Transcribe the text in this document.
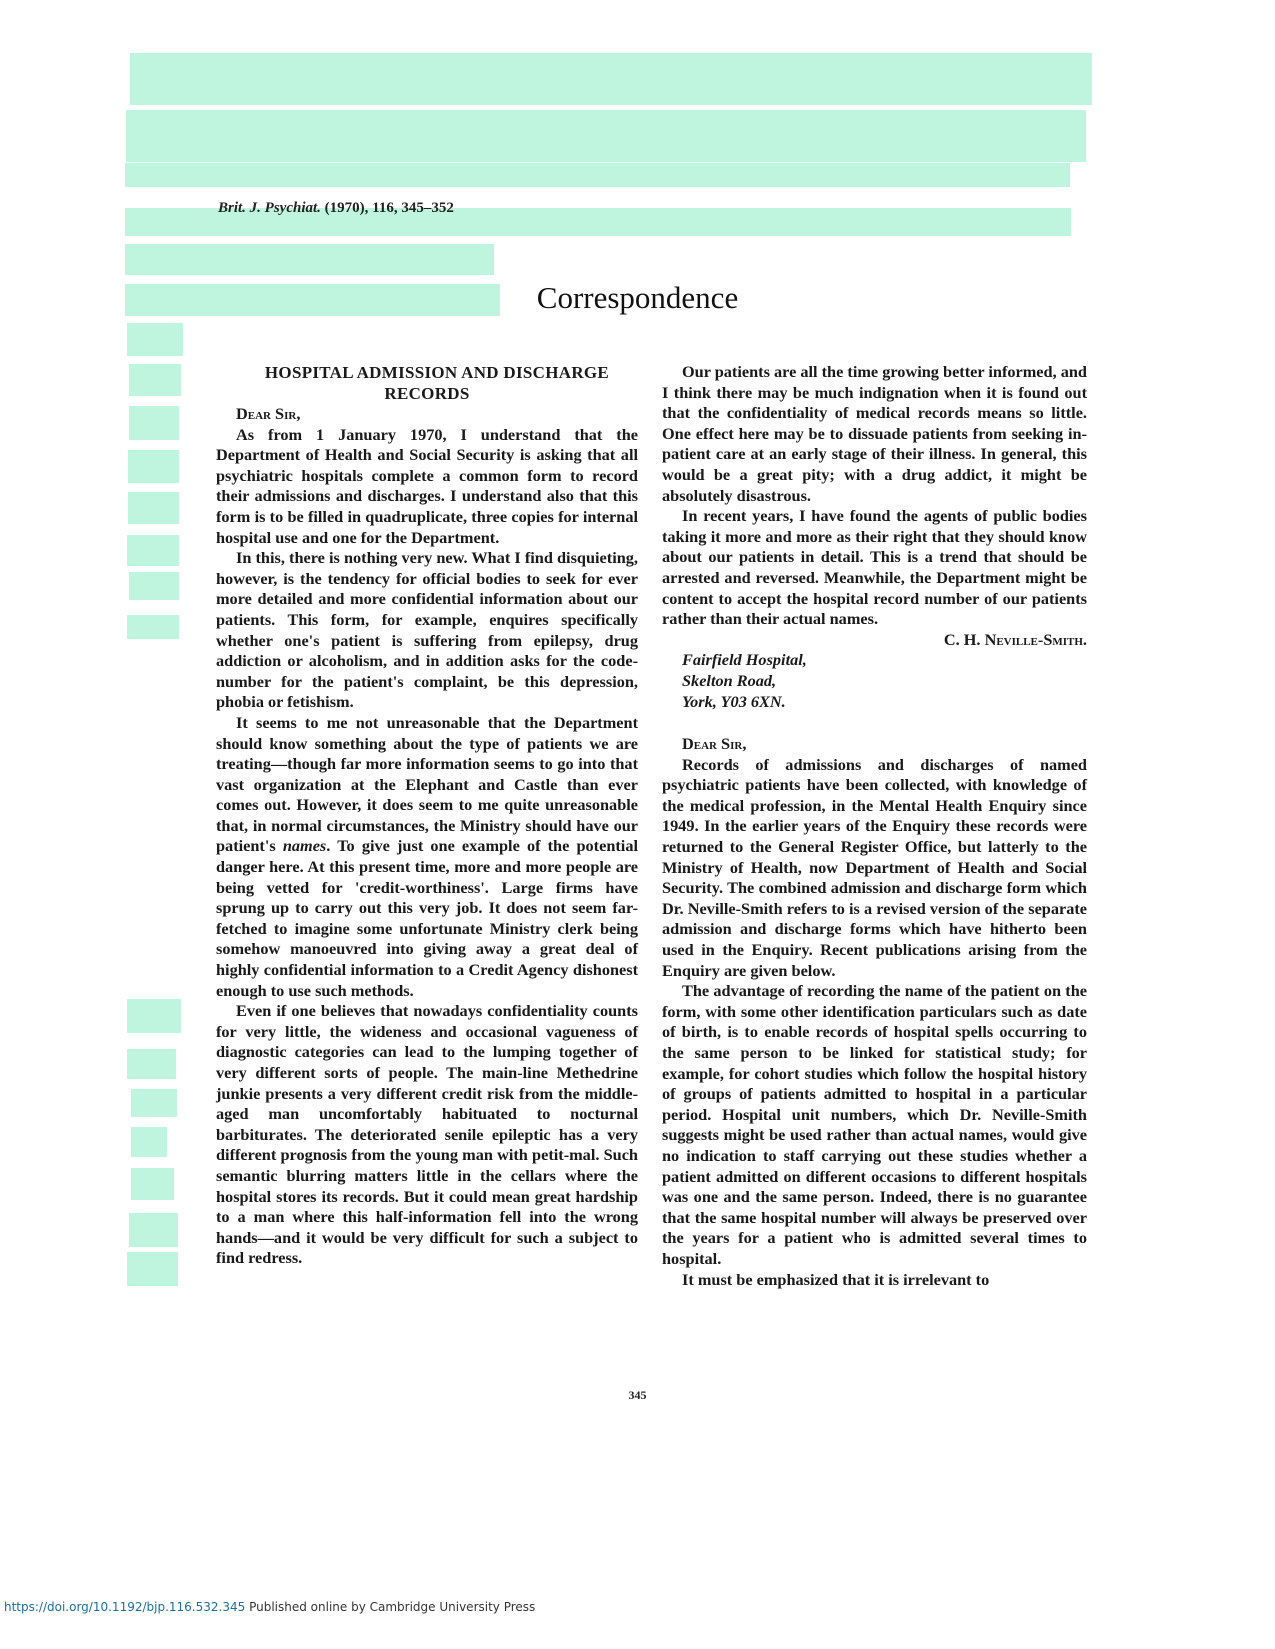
Brit. J. Psychiat. (1970), 116, 345–352
Correspondence

HOSPITAL ADMISSION AND DISCHARGE RECORDS

Dear Sir,

As from 1 January 1970, I understand that the Department of Health and Social Security is asking that all psychiatric hospitals complete a common form to record their admissions and discharges. I understand also that this form is to be filled in quadruplicate, three copies for internal hospital use and one for the Department.

In this, there is nothing very new. What I find disquieting, however, is the tendency for official bodies to seek for ever more detailed and more confidential information about our patients. This form, for example, enquires specifically whether one's patient is suffering from epilepsy, drug addiction or alcoholism, and in addition asks for the code-number for the patient's complaint, be this depression, phobia or fetishism.

It seems to me not unreasonable that the Department should know something about the type of patients we are treating—though far more information seems to go into that vast organization at the Elephant and Castle than ever comes out. However, it does seem to me quite unreasonable that, in normal circumstances, the Ministry should have our patient's names. To give just one example of the potential danger here. At this present time, more and more people are being vetted for 'credit-worthiness'. Large firms have sprung up to carry out this very job. It does not seem far-fetched to imagine some unfortunate Ministry clerk being somehow manoeuvred into giving away a great deal of highly confidential information to a Credit Agency dishonest enough to use such methods.

Even if one believes that nowadays confidentiality counts for very little, the wideness and occasional vagueness of diagnostic categories can lead to the lumping together of very different sorts of people. The main-line Methedrine junkie presents a very different credit risk from the middle-aged man uncomfortably habituated to nocturnal barbiturates. The deteriorated senile epileptic has a very different prognosis from the young man with petit-mal. Such semantic blurring matters little in the cellars where the hospital stores its records. But it could mean great hardship to a man where this half-information fell into the wrong hands—and it would be very difficult for such a subject to find redress.

Our patients are all the time growing better informed, and I think there may be much indignation when it is found out that the confidentiality of medical records means so little. One effect here may be to dissuade patients from seeking in-patient care at an early stage of their illness. In general, this would be a great pity; with a drug addict, it might be absolutely disastrous.

In recent years, I have found the agents of public bodies taking it more and more as their right that they should know about our patients in detail. This is a trend that should be arrested and reversed. Meanwhile, the Department might be content to accept the hospital record number of our patients rather than their actual names.

C. H. Neville-Smith.

Fairfield Hospital,

Skelton Road,

York, Y03 6XN.

Dear Sir,

Records of admissions and discharges of named psychiatric patients have been collected, with knowledge of the medical profession, in the Mental Health Enquiry since 1949. In the earlier years of the Enquiry these records were returned to the General Register Office, but latterly to the Ministry of Health, now Department of Health and Social Security. The combined admission and discharge form which Dr. Neville-Smith refers to is a revised version of the separate admission and discharge forms which have hitherto been used in the Enquiry. Recent publications arising from the Enquiry are given below.

The advantage of recording the name of the patient on the form, with some other identification particulars such as date of birth, is to enable records of hospital spells occurring to the same person to be linked for statistical study; for example, for cohort studies which follow the hospital history of groups of patients admitted to hospital in a particular period. Hospital unit numbers, which Dr. Neville-Smith suggests might be used rather than actual names, would give no indication to staff carrying out these studies whether a patient admitted on different occasions to different hospitals was one and the same person. Indeed, there is no guarantee that the same hospital number will always be preserved over the years for a patient who is admitted several times to hospital.

It must be emphasized that it is irrelevant to

345
https://doi.org/10.1192/bjp.116.532.345 Published online by Cambridge University Press
